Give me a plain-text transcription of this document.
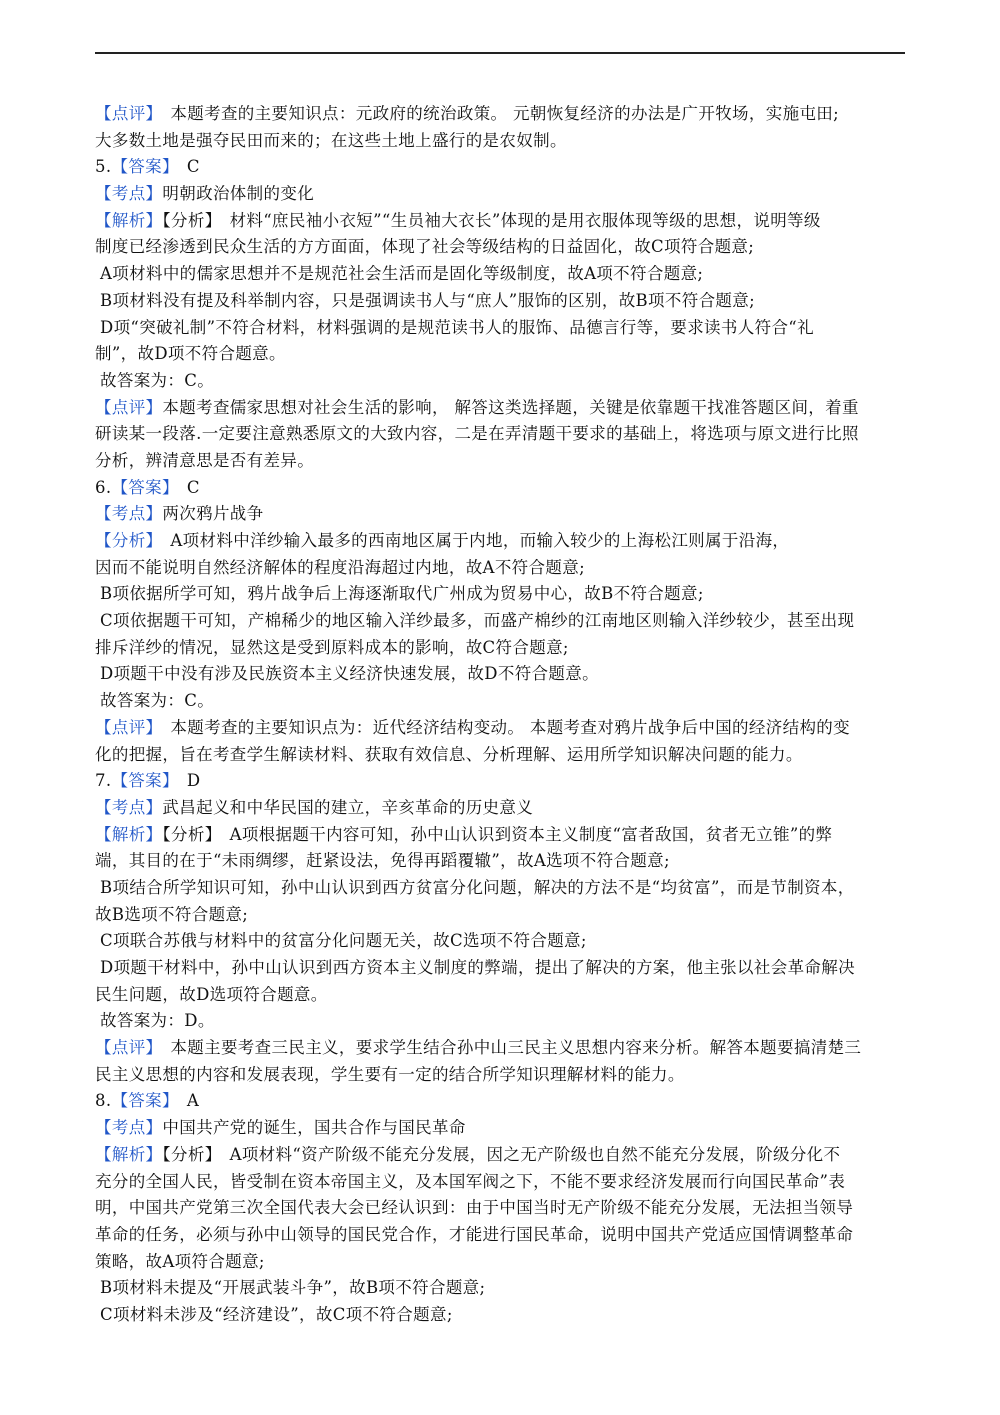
【点评】 本题考查的主要知识点：元政府的统治政策。 元朝恢复经济的办法是广开牧场，实施屯田;
大多数土地是强夺民田而来的；在这些土地上盛行的是农奴制。
5.【答案】 C
【考点】明朝政治体制的变化
【解析】【分析】 材料“庶民袖小衣短”“生员袖大衣长”体现的是用衣服体现等级的思想，说明等级
制度已经渗透到民众生活的方方面面，体现了社会等级结构的日益固化，故C项符合题意;
A项材料中的儒家思想并不是规范社会生活而是固化等级制度，故A项不符合题意;
B项材料没有提及科举制内容，只是强调读书人与“庶人”服饰的区别，故B项不符合题意;
D项“突破礼制”不符合材料，材料强调的是规范读书人的服饰、品德言行等，要求读书人符合“礼
制”，故D项不符合题意。
故答案为：C。
【点评】本题考查儒家思想对社会生活的影响， 解答这类选择题，关键是依靠题干找准答题区间，着重
研读某一段落.一定要注意熟悉原文的大致内容，二是在弄清题干要求的基础上，将选项与原文进行比照
分析，辨清意思是否有差异。
6.【答案】 C
【考点】两次鸦片战争
【分析】 A项材料中洋纱输入最多的西南地区属于内地，而输入较少的上海松江则属于沿海，
因而不能说明自然经济解体的程度沿海超过内地，故A不符合题意;
B项依据所学可知，鸦片战争后上海逐渐取代广州成为贸易中心，故B不符合题意;
C项依据题干可知，产棉稀少的地区输入洋纱最多，而盛产棉纱的江南地区则输入洋纱较少，甚至出现
排斥洋纱的情况，显然这是受到原料成本的影响，故C符合题意;
D项题干中没有涉及民族资本主义经济快速发展，故D不符合题意。
故答案为：C。
【点评】 本题考查的主要知识点为：近代经济结构变动。 本题考查对鸦片战争后中国的经济结构的变
化的把握，旨在考查学生解读材料、获取有效信息、分析理解、运用所学知识解决问题的能力。
7.【答案】 D
【考点】武昌起义和中华民国的建立，辛亥革命的历史意义
【解析】【分析】 A项根据题干内容可知，孙中山认识到资本主义制度“富者敌国，贫者无立锥”的弊
端，其目的在于“未雨绸缪，赶紧设法，免得再蹈覆辙”，故A选项不符合题意;
B项结合所学知识可知，孙中山认识到西方贫富分化问题，解决的方法不是“均贫富”，而是节制资本，
故B选项不符合题意;
C项联合苏俄与材料中的贫富分化问题无关，故C选项不符合题意;
D项题干材料中，孙中山认识到西方资本主义制度的弊端，提出了解决的方案，他主张以社会革命解决
民生问题，故D选项符合题意。
故答案为：D。
【点评】 本题主要考查三民主义，要求学生结合孙中山三民主义思想内容来分析。解答本题要搞清楚三
民主义思想的内容和发展表现，学生要有一定的结合所学知识理解材料的能力。
8.【答案】 A
【考点】中国共产党的诞生，国共合作与国民革命
【解析】【分析】 A项材料“资产阶级不能充分发展，因之无产阶级也自然不能充分发展，阶级分化不
充分的全国人民，皆受制在资本帝国主义，及本国军阀之下，不能不要求经济发展而行向国民革命”表
明，中国共产党第三次全国代表大会已经认识到：由于中国当时无产阶级不能充分发展，无法担当领导
革命的任务，必须与孙中山领导的国民党合作，才能进行国民革命，说明中国共产党适应国情调整革命
策略，故A项符合题意;
B项材料未提及“开展武装斗争”，故B项不符合题意;
C项材料未涉及“经济建设”，故C项不符合题意;
